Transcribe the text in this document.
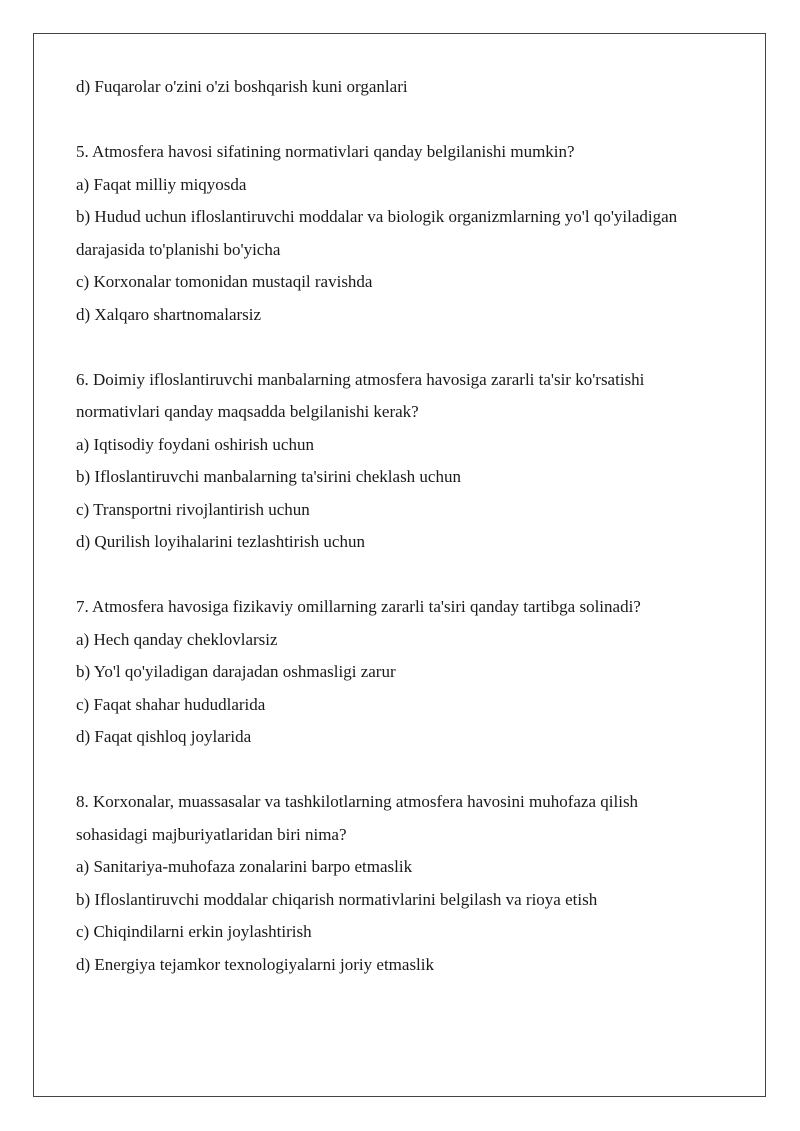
d) Fuqarolar o'zini o'zi boshqarish kuni organlari

5. Atmosfera havosi sifatining normativlari qanday belgilanishi mumkin?

a) Faqat milliy miqyosda

b) Hudud uchun ifloslantiruvchi moddalar va biologik organizmlarning yo'l qo'yiladigan

darajasida to'planishi bo'yicha

c) Korxonalar tomonidan mustaqil ravishda

d) Xalqaro shartnomalarsiz

6. Doimiy ifloslantiruvchi manbalarning atmosfera havosiga zararli ta'sir ko'rsatishi

normativlari qanday maqsadda belgilanishi kerak?

a) Iqtisodiy foydani oshirish uchun

b) Ifloslantiruvchi manbalarning ta'sirini cheklash uchun

c) Transportni rivojlantirish uchun

d) Qurilish loyihalarini tezlashtirish uchun

7. Atmosfera havosiga fizikaviy omillarning zararli ta'siri qanday tartibga solinadi?

a) Hech qanday cheklovlarsiz

b) Yo'l qo'yiladigan darajadan oshmasligi zarur

c) Faqat shahar hududlarida

d) Faqat qishloq joylarida

8. Korxonalar, muassasalar va tashkilotlarning atmosfera havosini muhofaza qilish

sohasidagi majburiyatlaridan biri nima?

a) Sanitariya-muhofaza zonalarini barpo etmaslik

b) Ifloslantiruvchi moddalar chiqarish normativlarini belgilash va rioya etish

c) Chiqindilarni erkin joylashtirish

d) Energiya tejamkor texnologiyalarni joriy etmaslik
